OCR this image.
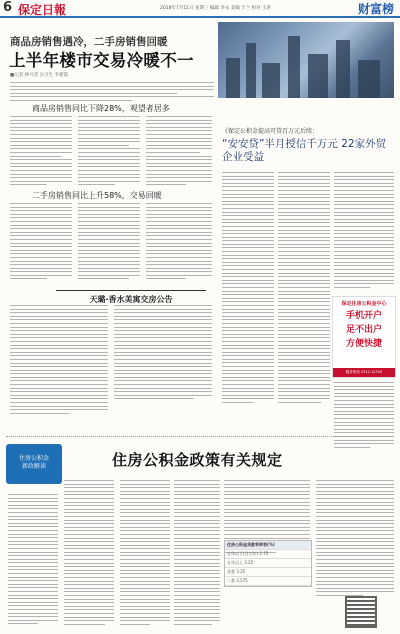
6 保定日報	2018年7月11日 星期三 编辑 李永 美编 于兰 校对 王洪	财富榜
商品房销售遇冷，二手房销售回暖
上半年楼市交易冷暖不一
■记者 林兴茂 实习生 李建霞
商品房销售同比下降28%，观望者居多
二手房销售同比上升58%，交易回暖
天璐·香水美寓交房公告
《保定公积金提高可贷百万元后续：
“安安贷”半月授信千万元 22家外贸企业受益
保定住房公积金中心
手机开户
足不出户
方便快捷
服务热线 0312-12329
住房公积金
新政解读	住房公积金政策有关规定
住房公积金贷款利率表(%)
五年以下(含五年) 2.75
五年以上 3.25
首套 3.25
二套 3.575
